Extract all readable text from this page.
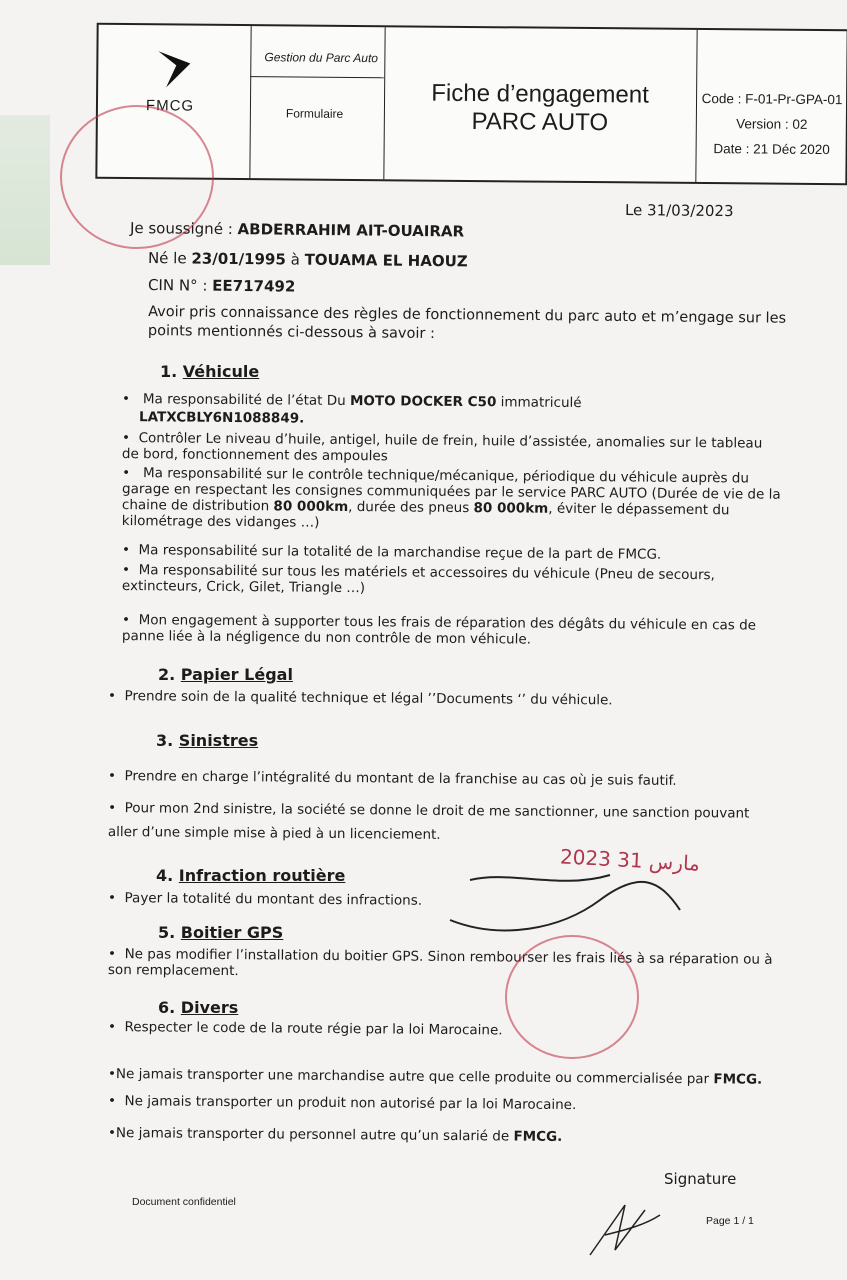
FMCG
Gestion du Parc Auto
Formulaire
Fiche d’engagement
PARC AUTO
Code : F-01-Pr-GPA-01
Version : 02
Date : 21 Déc 2020
Le 31/03/2023
Je soussigné : ABDERRAHIM AIT-OUAIRAR
Né le 23/01/1995 à TOUAMA EL HAOUZ
CIN N° : EE717492
Avoir pris connaissance des règles de fonctionnement du parc auto et m’engage sur les points mentionnés ci-dessous à savoir :
1. Véhicule
•   Ma responsabilité de l’état Du MOTO DOCKER C50 immatriculé
LATXCBLY6N1088849.
•  Contrôler Le niveau d’huile, antigel, huile de frein, huile d’assistée, anomalies sur le tableau de bord, fonctionnement des ampoules
•   Ma responsabilité sur le contrôle technique/mécanique, périodique du véhicule auprès du garage en respectant les consignes communiquées par le service PARC AUTO (Durée de vie de la chaine de distribution 80 000km, durée des pneus 80 000km, éviter le dépassement du kilométrage des vidanges …)
•  Ma responsabilité sur la totalité de la marchandise reçue de la part de FMCG.
•  Ma responsabilité sur tous les matériels et accessoires du véhicule (Pneu de secours, extincteurs, Crick, Gilet, Triangle …)
•  Mon engagement à supporter tous les frais de réparation des dégâts du véhicule en cas de panne liée à la négligence du non contrôle de mon véhicule.
2. Papier Légal
•  Prendre soin de la qualité technique et légal ’’Documents ‘’ du véhicule.
3. Sinistres
•  Prendre en charge l’intégralité du montant de la franchise au cas où je suis fautif.
•  Pour mon 2nd sinistre, la société se donne le droit de me sanctionner, une sanction pouvant aller d’une simple mise à pied à un licenciement.
4. Infraction routière
•  Payer la totalité du montant des infractions.
5. Boitier GPS
•  Ne pas modifier l’installation du boitier GPS. Sinon rembourser les frais liés à sa réparation ou à son remplacement.
6. Divers
•  Respecter le code de la route régie par la loi Marocaine.
•Ne jamais transporter une marchandise autre que celle produite ou commercialisée par FMCG.
•  Ne jamais transporter un produit non autorisé par la loi Marocaine.
•Ne jamais transporter du personnel autre qu’un salarié de FMCG.
2023 مارس 31
Signature
Document confidentiel
Page 1 / 1
